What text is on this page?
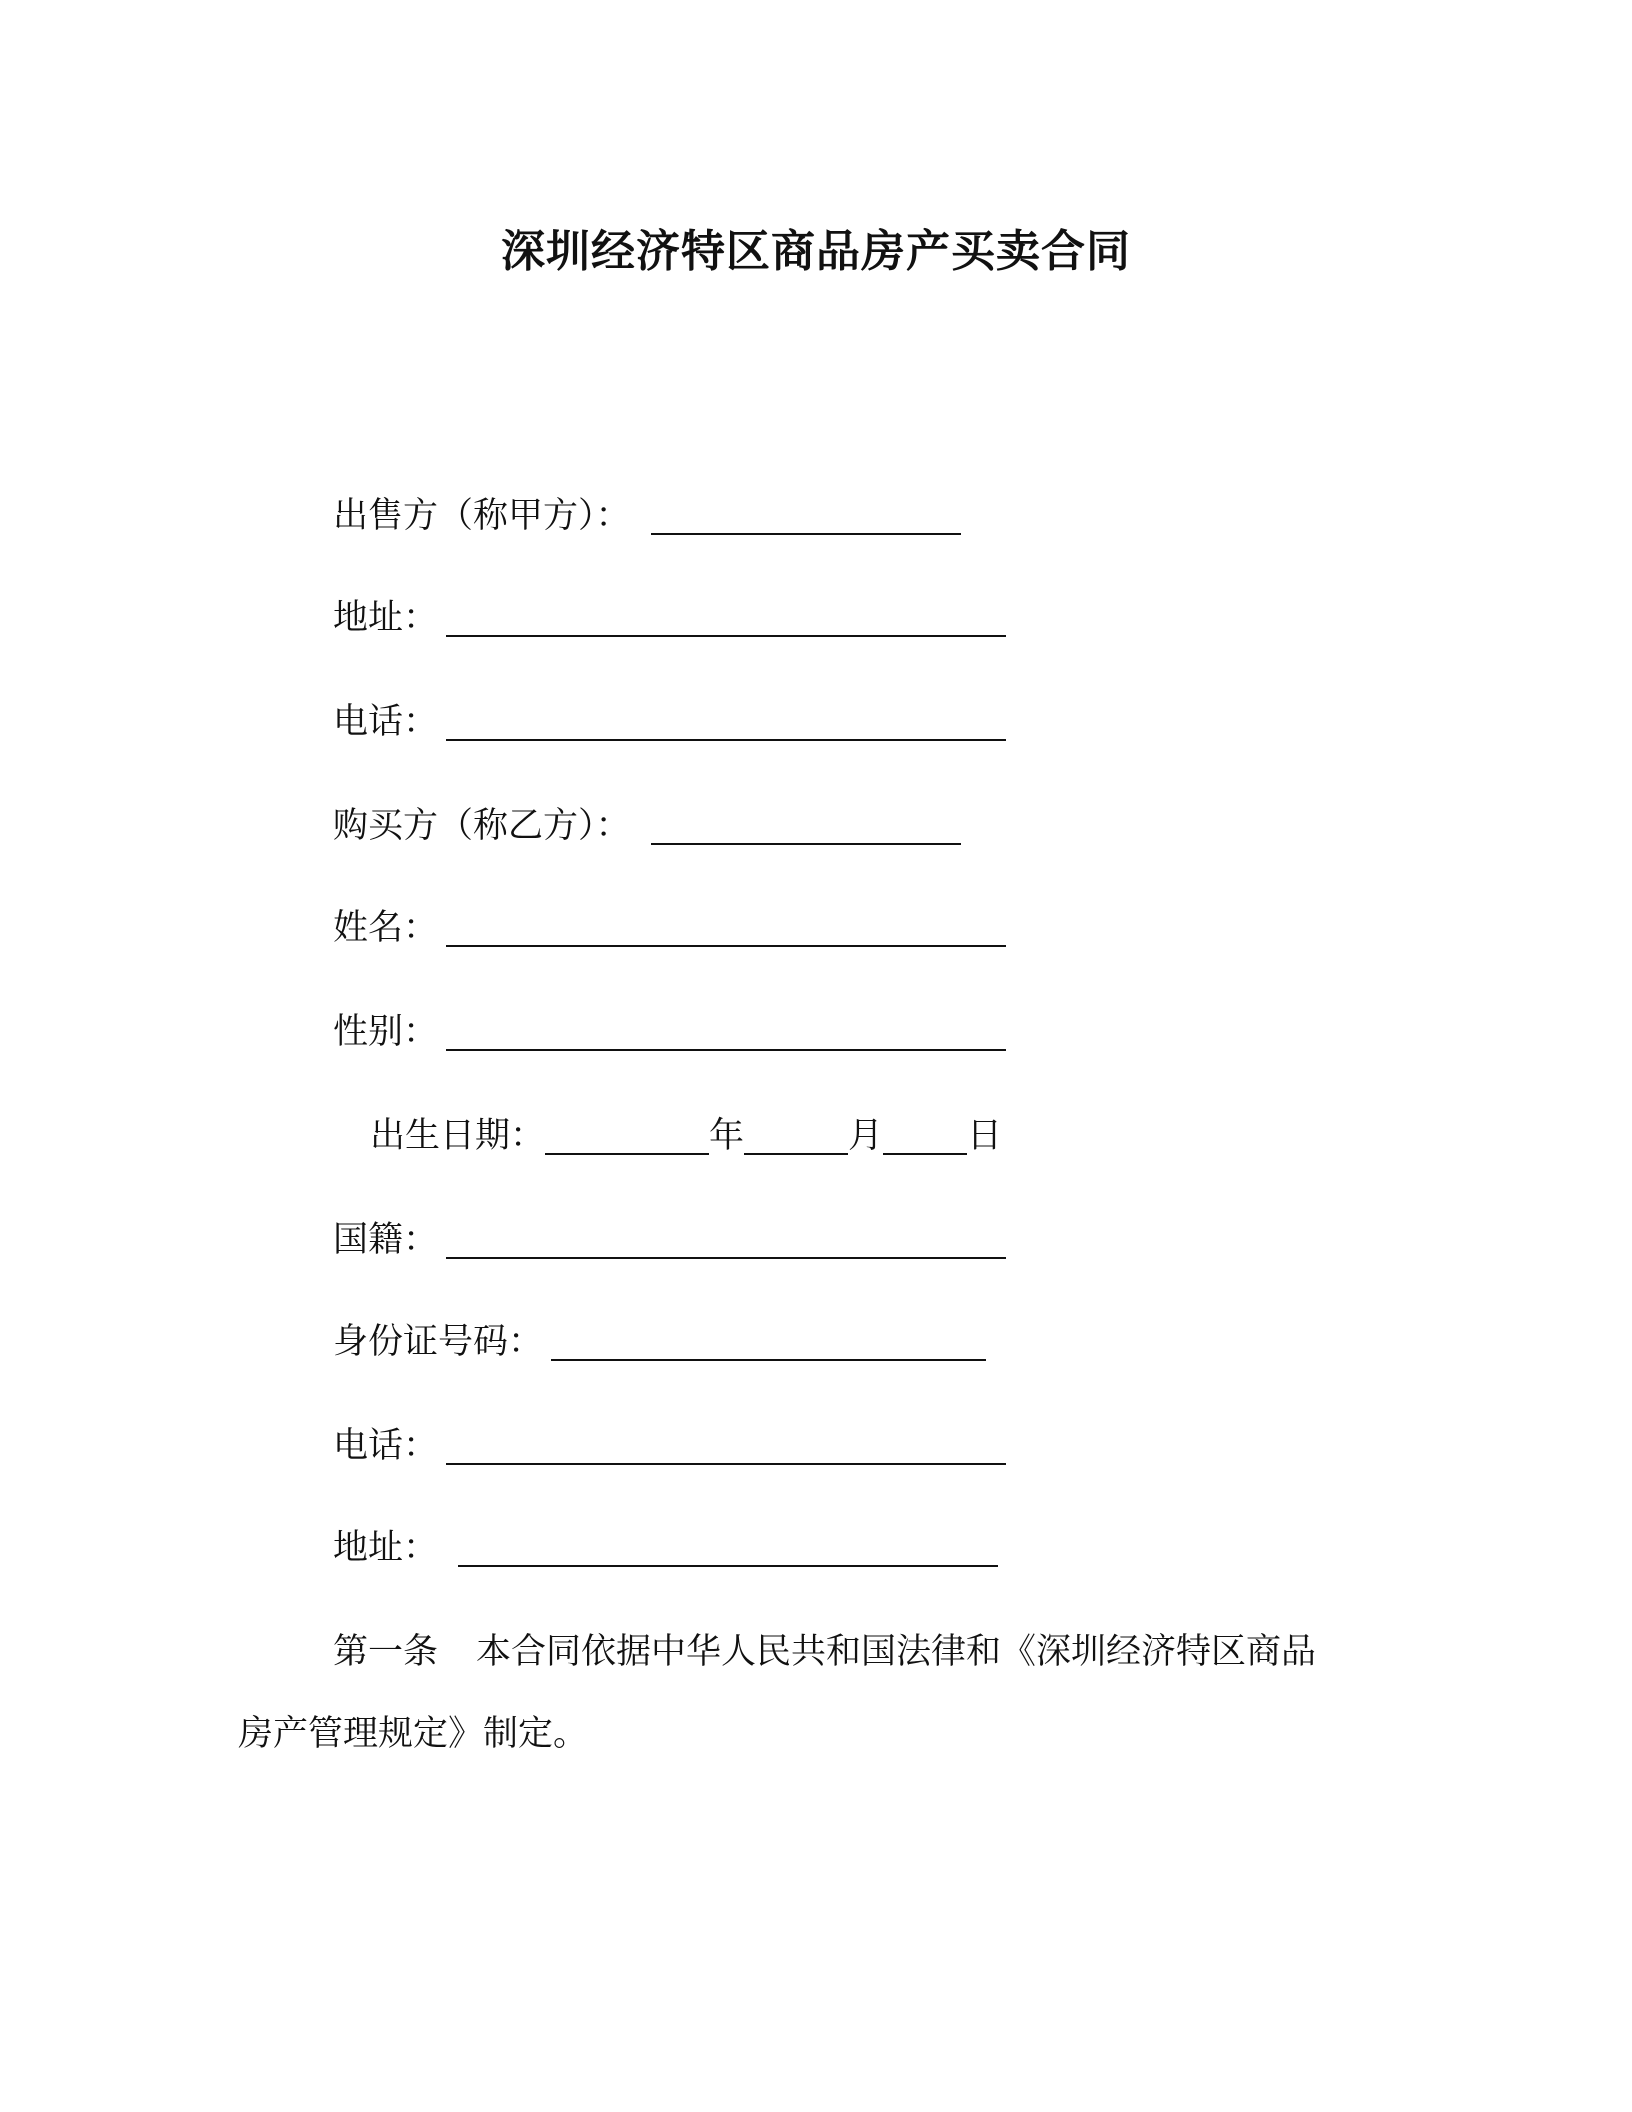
深圳经济特区商品房产买卖合同
出售方（称甲方）：
地址：
电话：
购买方（称乙方）：
姓名：
性别：
出生日期：	年	月 日
国籍：
身份证号码：
电话：
地址：
第一条 本合同依据中华人民共和国法律和《深圳经济特区商品
房产管理规定》制定。
